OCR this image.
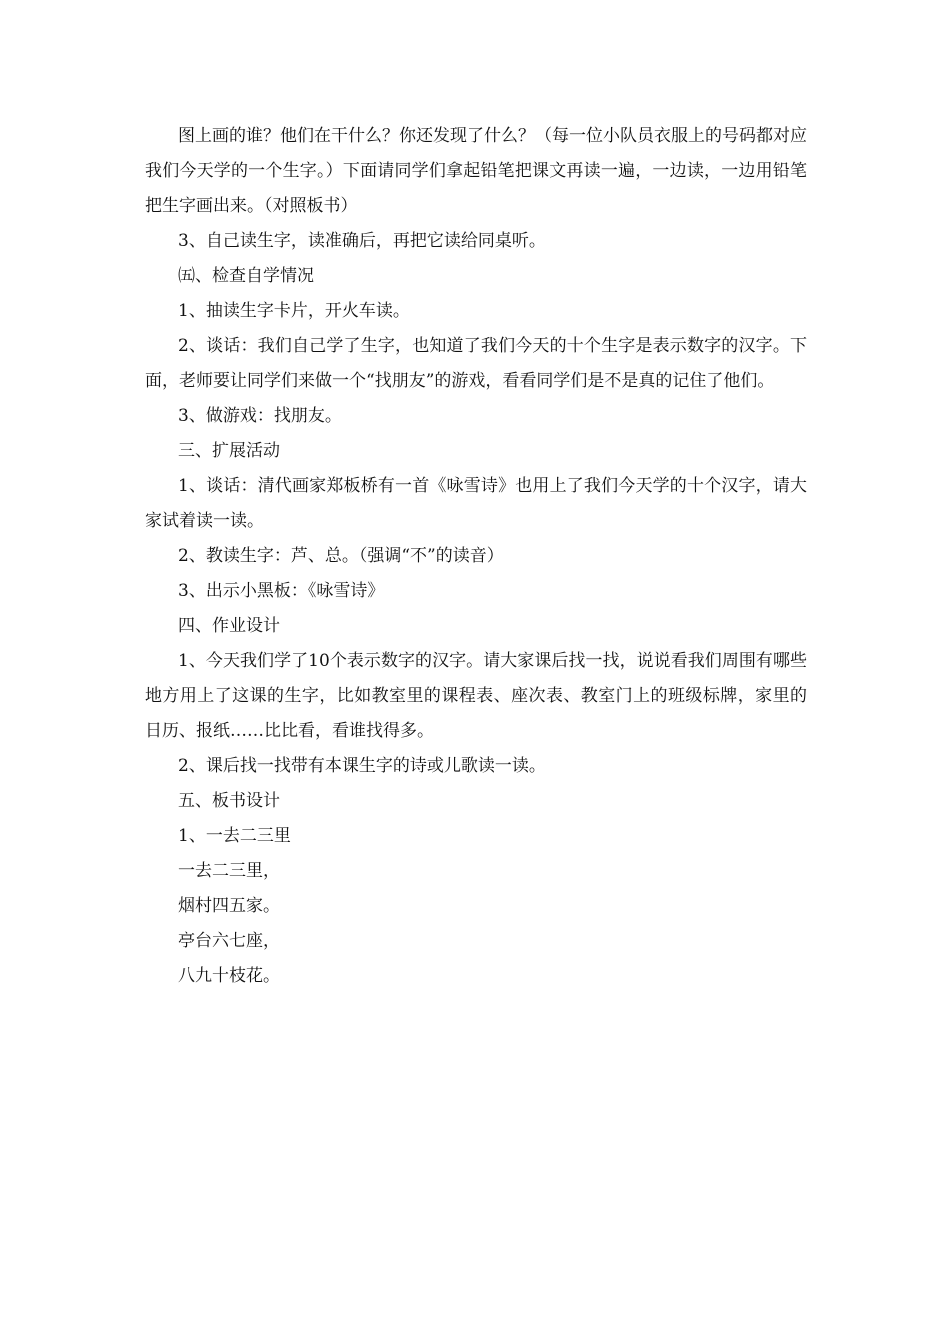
图上画的谁？他们在干什么？你还发现了什么？（每一位小队员衣服上的号码都对应我们今天学的一个生字。）下面请同学们拿起铅笔把课文再读一遍，一边读，一边用铅笔把生字画出来。（对照板书）

3、自己读生字，读准确后，再把它读给同桌听。

㈤、检查自学情况

1、抽读生字卡片，开火车读。

2、谈话：我们自己学了生字，也知道了我们今天的十个生字是表示数字的汉字。下面，老师要让同学们来做一个“找朋友”的游戏，看看同学们是不是真的记住了他们。

3、做游戏：找朋友。

三、扩展活动

1、谈话：清代画家郑板桥有一首《咏雪诗》也用上了我们今天学的十个汉字，请大家试着读一读。

2、教读生字：芦、总。（强调“不”的读音）

3、出示小黑板：《咏雪诗》

四、作业设计

1、今天我们学了10个表示数字的汉字。请大家课后找一找，说说看我们周围有哪些地方用上了这课的生字，比如教室里的课程表、座次表、教室门上的班级标牌，家里的日历、报纸……比比看，看谁找得多。

2、课后找一找带有本课生字的诗或儿歌读一读。

五、板书设计

1、一去二三里

一去二三里，

烟村四五家。

亭台六七座，

八九十枝花。
